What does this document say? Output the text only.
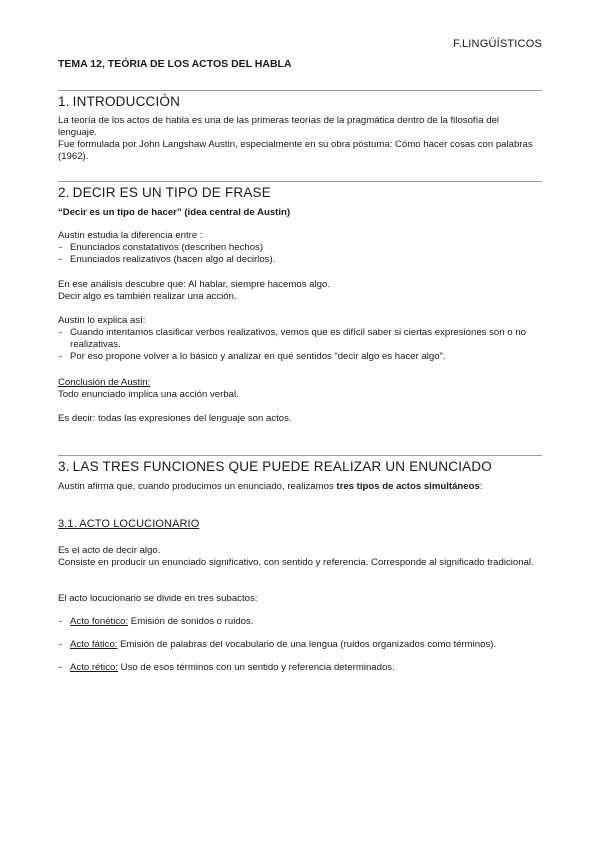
F.LINGÜÍSTICOS
TEMA 12, TEÓRIA DE LOS ACTOS DEL HABLA
1. INTRODUCCIÓN
La teoría de los actos de habla es una de las primeras teorías de la pragmática dentro de la filosofía del lenguaje.
Fue formulada por John Langshaw Austin, especialmente en su obra póstuma: Cómo hacer cosas con palabras (1962).
2. DECIR ES UN TIPO DE FRASE
“Decir es un tipo de hacer” (idea central de Austin)
Austin estudia la diferencia entre :
- Enunciados constatativos (describen hechos)
- Enunciados realizativos (hacen algo al decirlos).
En ese análisis descubre que: Al hablar, siempre hacemos algo.
Decir algo es también realizar una acción.
Austin lo explica así:
- Cuando intentamos clasificar verbos realizativos, vemos que es difícil saber si ciertas expresiones son o no realizativas.
- Por eso propone volver a lo básico y analizar en qué sentidos “decir algo es hacer algo”.
Conclusión de Austin:
Todo enunciado implica una acción verbal.
Es decir: todas las expresiones del lenguaje son actos.
3. LAS TRES FUNCIONES QUE PUEDE REALIZAR UN ENUNCIADO
Austin afirma que, cuando producimos un enunciado, realizamos tres tipos de actos simultáneos:
3.1. ACTO LOCUCIONARIO
Es el acto de decir algo.
Consiste en producir un enunciado significativo, con sentido y referencia. Corresponde al significado tradicional.
El acto locucionario se divide en tres subactos:
- Acto fonético: Emisión de sonidos o ruidos.
- Acto fático: Emisión de palabras del vocabulario de una lengua (ruidos organizados como términos).
- Acto rético: Uso de esos términos con un sentido y referencia determinados.
